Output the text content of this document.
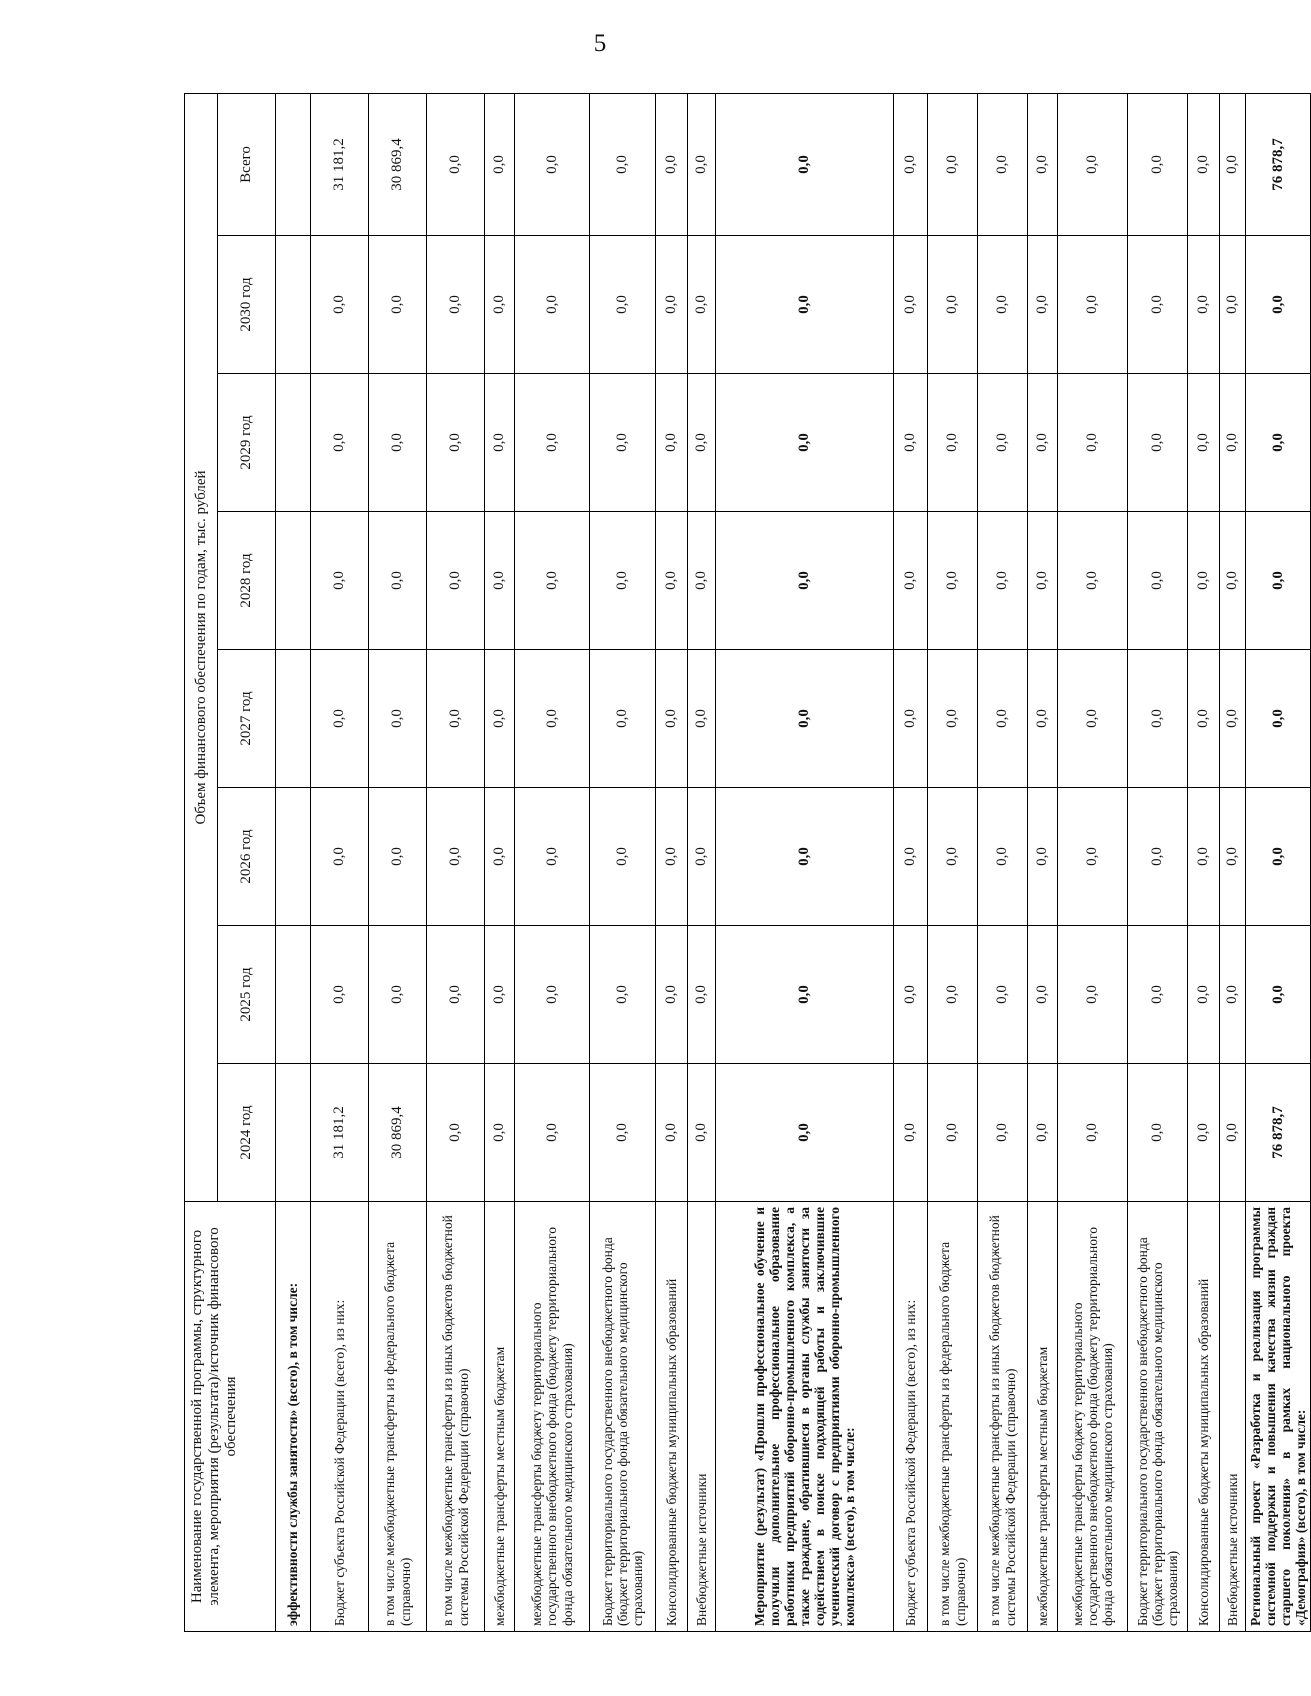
5
Наименование государственной программы, структурного элемента, мероприятия (результата)/источник финансового обеспечения	Объем финансового обеспечения по годам, тыс. рублей							
	2024 год	2025 год	2026 год	2027 год	2028 год	2029 год	2030 год	Всего
эффективности службы занятости» (всего), в том числе:								
Бюджет субъекта Российской Федерации (всего), из них:	31 181,2	0,0	0,0	0,0	0,0	0,0	0,0	31 181,2
в том числе межбюджетные трансферты из федерального бюджета (справочно)	30 869,4	0,0	0,0	0,0	0,0	0,0	0,0	30 869,4
в том числе межбюджетные трансферты из иных бюджетов бюджетной системы Российской Федерации (справочно)	0,0	0,0	0,0	0,0	0,0	0,0	0,0	0,0
межбюджетные трансферты местным бюджетам	0,0	0,0	0,0	0,0	0,0	0,0	0,0	0,0
межбюджетные трансферты бюджету территориального государственного внебюджетного фонда (бюджету территориального фонда обязательного медицинского страхования)	0,0	0,0	0,0	0,0	0,0	0,0	0,0	0,0
Бюджет территориального государственного внебюджетного фонда (бюджет территориального фонда обязательного медицинского страхования)	0,0	0,0	0,0	0,0	0,0	0,0	0,0	0,0
Консолидированные бюджеты муниципальных образований	0,0	0,0	0,0	0,0	0,0	0,0	0,0	0,0
Внебюджетные источники	0,0	0,0	0,0	0,0	0,0	0,0	0,0	0,0
Мероприятие (результат) «Прошли профессиональное обучение и получили дополнительное профессиональное образование работники предприятий оборонно-промышленного комплекса, а также граждане, обратившиеся в органы службы занятости за содействием в поиске подходящей работы и заключившие ученический договор с предприятиями оборонно-промышленного комплекса» (всего), в том числе:	0,0	0,0	0,0	0,0	0,0	0,0	0,0	0,0
Бюджет субъекта Российской Федерации (всего), из них:	0,0	0,0	0,0	0,0	0,0	0,0	0,0	0,0
в том числе межбюджетные трансферты из федерального бюджета (справочно)	0,0	0,0	0,0	0,0	0,0	0,0	0,0	0,0
в том числе межбюджетные трансферты из иных бюджетов бюджетной системы Российской Федерации (справочно)	0,0	0,0	0,0	0,0	0,0	0,0	0,0	0,0
межбюджетные трансферты местным бюджетам	0,0	0,0	0,0	0,0	0,0	0,0	0,0	0,0
межбюджетные трансферты бюджету территориального государственного внебюджетного фонда (бюджету территориального фонда обязательного медицинского страхования)	0,0	0,0	0,0	0,0	0,0	0,0	0,0	0,0
Бюджет территориального государственного внебюджетного фонда (бюджет территориального фонда обязательного медицинского страхования)	0,0	0,0	0,0	0,0	0,0	0,0	0,0	0,0
Консолидированные бюджеты муниципальных образований	0,0	0,0	0,0	0,0	0,0	0,0	0,0	0,0
Внебюджетные источники	0,0	0,0	0,0	0,0	0,0	0,0	0,0	0,0
Региональный проект «Разработка и реализация программы системной поддержки и повышения качества жизни граждан старшего поколения» в рамках национального проекта «Демография» (всего), в том числе:	76 878,7	0,0	0,0	0,0	0,0	0,0	0,0	76 878,7
